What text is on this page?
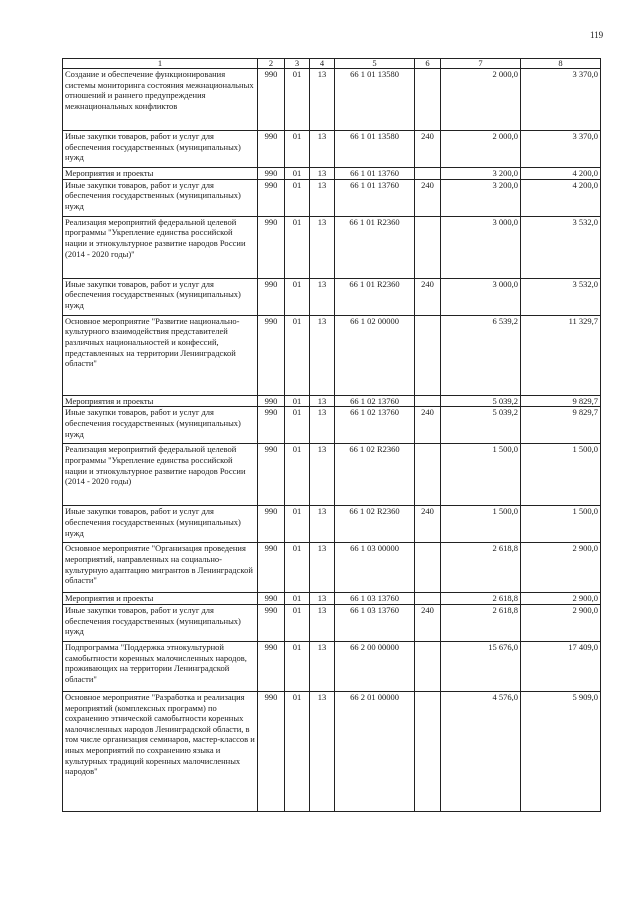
119
1	2	3	4	5	6	7	8
Создание и обеспечение функционирования системы мониторинга состояния межнациональных отношений и раннего предупреждения межнациональных конфликтов	990	01	13	66 1 01 13580		2 000,0	3 370,0
Иные закупки товаров, работ и услуг для обеспечения государственных (муниципальных) нужд	990	01	13	66 1 01 13580	240	2 000,0	3 370,0
Мероприятия и проекты	990	01	13	66 1 01 13760		3 200,0	4 200,0
Иные закупки товаров, работ и услуг для обеспечения государственных (муниципальных) нужд	990	01	13	66 1 01 13760	240	3 200,0	4 200,0
Реализация мероприятий федеральной целевой программы "Укрепление единства российской нации и этнокультурное развитие народов России (2014 - 2020 годы)"	990	01	13	66 1 01 R2360		3 000,0	3 532,0
Иные закупки товаров, работ и услуг для обеспечения государственных (муниципальных) нужд	990	01	13	66 1 01 R2360	240	3 000,0	3 532,0
Основное мероприятие "Развитие национально-культурного взаимодействия представителей различных национальностей и конфессий, представленных на территории Ленинградской области"	990	01	13	66 1 02 00000		6 539,2	11 329,7
Мероприятия и проекты	990	01	13	66 1 02 13760		5 039,2	9 829,7
Иные закупки товаров, работ и услуг для обеспечения государственных (муниципальных) нужд	990	01	13	66 1 02 13760	240	5 039,2	9 829,7
Реализация мероприятий федеральной целевой программы "Укрепление единства российской нации и этнокультурное развитие народов России (2014 - 2020 годы)	990	01	13	66 1 02 R2360		1 500,0	1 500,0
Иные закупки товаров, работ и услуг для обеспечения государственных (муниципальных) нужд	990	01	13	66 1 02 R2360	240	1 500,0	1 500,0
Основное мероприятие "Организация проведения мероприятий, направленных на социально-культурную адаптацию мигрантов в Ленинградской области"	990	01	13	66 1 03 00000		2 618,8	2 900,0
Мероприятия и проекты	990	01	13	66 1 03 13760		2 618,8	2 900,0
Иные закупки товаров, работ и услуг для обеспечения государственных (муниципальных) нужд	990	01	13	66 1 03 13760	240	2 618,8	2 900,0
Подпрограмма "Поддержка этнокультурной самобытности коренных малочисленных народов, проживающих на территории Ленинградской области"	990	01	13	66 2 00 00000		15 676,0	17 409,0
Основное мероприятие "Разработка и реализация мероприятий (комплексных программ) по сохранению этнической самобытности коренных малочисленных народов Ленинградской области, в том числе организация семинаров, мастер-классов и иных мероприятий по сохранению языка и культурных традиций коренных малочисленных народов"	990	01	13	66 2 01 00000		4 576,0	5 909,0
